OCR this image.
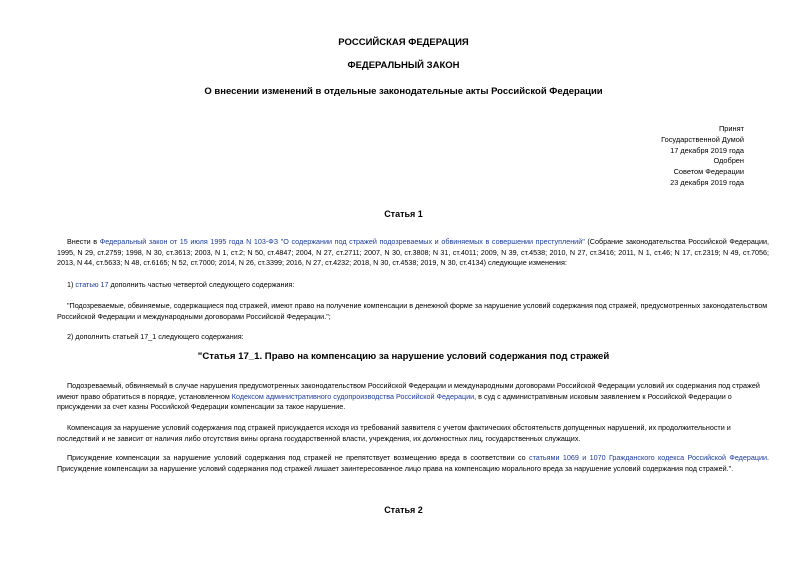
РОССИЙСКАЯ ФЕДЕРАЦИЯ
ФЕДЕРАЛЬНЫЙ ЗАКОН
О внесении изменений в отдельные законодательные акты Российской Федерации
Принят
Государственной Думой
17 декабря 2019 года
Одобрен
Советом Федерации
23 декабря 2019 года
Статья 1
Внести в Федеральный закон от 15 июля 1995 года N 103-ФЗ "О содержании под стражей подозреваемых и обвиняемых в совершении преступлений" (Собрание законодательства Российской Федерации, 1995, N 29, ст.2759; 1998, N 30, ст.3613; 2003, N 1, ст.2; N 50, ст.4847; 2004, N 27, ст.2711; 2007, N 30, ст.3808; N 31, ст.4011; 2009, N 39, ст.4538; 2010, N 27, ст.3416; 2011, N 1, ст.46; N 17, ст.2319; N 49, ст.7056; 2013, N 44, ст.5633; N 48, ст.6165; N 52, ст.7000; 2014, N 26, ст.3399; 2016, N 27, ст.4232; 2018, N 30, ст.4538; 2019, N 30, ст.4134) следующие изменения:
1) статью 17 дополнить частью четвертой следующего содержания:
"Подозреваемые, обвиняемые, содержащиеся под стражей, имеют право на получение компенсации в денежной форме за нарушение условий содержания под стражей, предусмотренных законодательством Российской Федерации и международными договорами Российской Федерации.";
2) дополнить статьей 17_1 следующего содержания:
"Статья 17_1. Право на компенсацию за нарушение условий содержания под стражей
Подозреваемый, обвиняемый в случае нарушения предусмотренных законодательством Российской Федерации и международными договорами Российской Федерации условий их содержания под стражей имеют право обратиться в порядке, установленном Кодексом административного судопроизводства Российской Федерации, в суд с административным исковым заявлением к Российской Федерации о присуждении за счет казны Российской Федерации компенсации за такое нарушение.
Компенсация за нарушение условий содержания под стражей присуждается исходя из требований заявителя с учетом фактических обстоятельств допущенных нарушений, их продолжительности и последствий и не зависит от наличия либо отсутствия вины органа государственной власти, учреждения, их должностных лиц, государственных служащих.
Присуждение компенсации за нарушение условий содержания под стражей не препятствует возмещению вреда в соответствии со статьями 1069 и 1070 Гражданского кодекса Российской Федерации. Присуждение компенсации за нарушение условий содержания под стражей лишает заинтересованное лицо права на компенсацию морального вреда за нарушение условий содержания под стражей.".
Статья 2
